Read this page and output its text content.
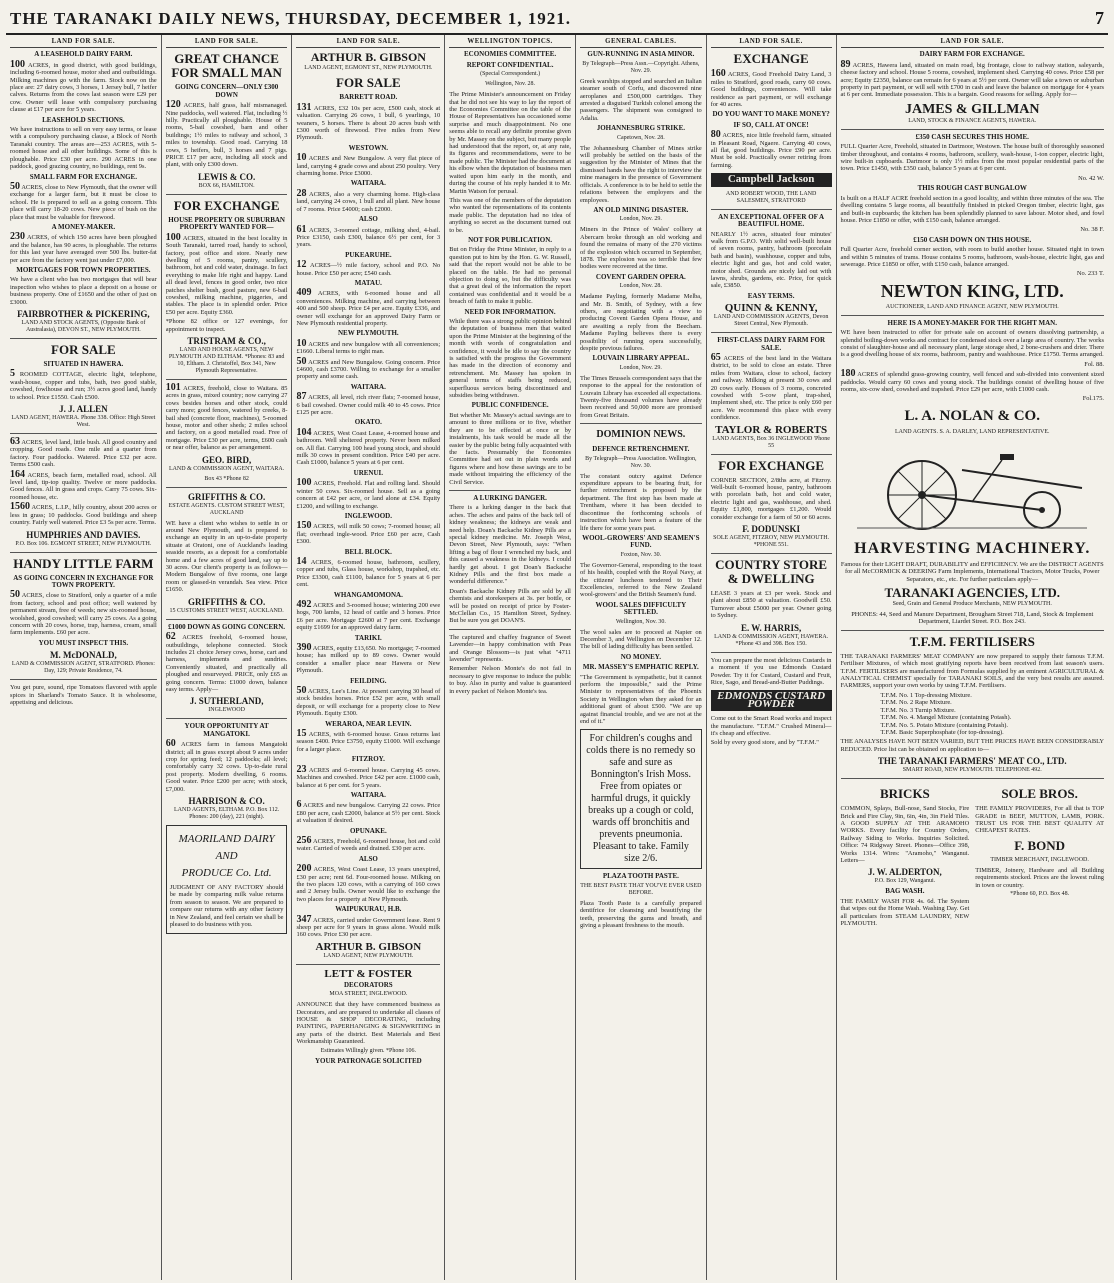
THE TARANAKI DAILY NEWS, THURSDAY, DECEMBER 1, 1921.	7
LAND FOR SALE.
A LEASEHOLD DAIRY FARM.
100 ACRES, in good district, with good buildings, including 6-roomed house, motor shed and outbuildings. Milking machines go with the farm. Stock now on the place are: 27 dairy cows, 3 horses, 1 Jersey bull, 7 heifer calves. Returns from the cows last season were £29 per cow. Owner will lease with compulsory purchasing clause at £17 per acre for 5 years.
LEASEHOLD SECTIONS.
We have instructions to sell on very easy terms, or lease with a compulsory purchasing clause, a Block of North Taranaki country. The areas are—253 ACRES, with 5-roomed house and all other buildings. Some of this is ploughable. Price £30 per acre. 290 ACRES in one paddock, good grazing country, no buildings, rent 9s.
SMALL FARM FOR EXCHANGE.
50 ACRES, close to New Plymouth, that the owner will exchange for a larger farm, but it must be close to school. He is prepared to sell as a going concern. This place will carry 18-20 cows. New piece of bush on the place that must be valuable for firewood.
A MONEY-MAKER.
230 ACRES, of which 150 acres have been ploughed and the balance, has 90 acres, is ploughable. The returns for this last year have averaged over 500 lbs. butter-fat per acre from the factory went just under £7,000.
MORTGAGES FOR TOWN PROPERTIES.
We have a client who has two mortgages that will bear inspection who wishes to place a deposit on a house or business property. One of £1650 and the other of just on £3000.
FAIRBROTHER & PICKERING,
LAND AND STOCK AGENTS, (Opposite Bank of Australasia), DEVON ST., NEW PLYMOUTH.
FOR SALE
SITUATED IN HAWERA.
5 ROOMED COTTAGE, electric light, telephone, wash-house, copper and tubs, bath, two good stable, cowshed, fowlhouse and run; 3½ acres good land, handy to school. Price £1550. Cash £500.
J. J. ALLEN
LAND AGENT, HAWERA. Phone 338. Office: High Street West.
63 ACRES, level land, little bush. All good country and cropping. Good roads. One mile and a quarter from factory. Four paddocks. Watered. Price £32 per acre. Terms £500 cash.
164 ACRES, beach farm, metalled road, school. All level land, tip-top quality. Twelve or more paddocks. Good fences. All in grass and crops. Carry 75 cows. Six-roomed house, etc.
1560 ACRES, L.I.P., hilly country, about 200 acres or less in grass; 10 paddocks. Good buildings and sheep country. Fairly well watered. Price £3 5s per acre. Terms.
HUMPHRIES AND DAVIES.
P.O. Box 106. EGMONT STREET, NEW PLYMOUTH.
HANDY LITTLE FARM
AS GOING CONCERN IN EXCHANGE FOR TOWN PROPERTY.
50 ACRES, close to Stratford, only a quarter of a mile from factory, school and post office; well watered by permanent stream, free of weeds; new six-roomed house, woolshed, good cowshed; will carry 25 cows. As a going concern with 20 cows, horse, trap, harness, cream, small farm implements. £60 per acre.
YOU MUST INSPECT THIS.
M. McDONALD,
LAND & COMMISSION AGENT, STRATFORD. Phones: Day, 129; Private Residence, 74.
You get pure, sound, ripe Tomatoes flavored with apple spices in Sharland's Tomato Sauce. It is wholesome, appetising and delicious.
LAND FOR SALE.
GREAT CHANCE FOR SMALL MAN
GOING CONCERN—ONLY £300 DOWN
120 ACRES, half grass, half mismanaged. Nine paddocks, well watered. Flat, including ½ hilly. Practically all ploughable. House of 5 rooms, 5-bail cowshed, barn and other buildings; 1½ miles to railway and school, 3 miles to township. Good road. Carrying 18 cows, 5 heifers, bull, 3 horses and 7 pigs. PRICE £17 per acre, including all stock and plant, with only £300 down.
LEWIS & CO.
BOX 66, HAMILTON.
FOR EXCHANGE
HOUSE PROPERTY OR SUBURBAN PROPERTY WANTED FOR—
100 ACRES, situated in the best locality in South Taranaki, tarred road, handy to school, factory, post office and store. Nearly new dwelling of 5 rooms, pantry, scullery, bathroom, hot and cold water, drainage. In fact everything to make life right and happy. Land all dead level, fences in good order, two nice patches shelter bush, good pasture, new 6-bail cowshed, milking machine, piggeries, and stables. The place is in splendid order. Price £50 per acre. Equity £360.
*Phone 82 office or 127 evenings, for appointment to inspect.
TRISTRAM & CO.,
LAND AND HOUSE AGENTS, NEW PLYMOUTH AND ELTHAM. *Phones: 83 and 10, Eltham. J. Christoffel, Box 341, New Plymouth Representative.
101 ACRES, freehold, close to Waitara. 85 acres in grass, mixed country; now carrying 27 cows besides horses and other stock, could carry more; good fences, watered by creeks, 8-bail shed (concrete floor, machines), 5-roomed house, motor and other sheds; 2 miles school and factory, on a good metalled road. Free of mortgage. Price £30 per acre, terms, £600 cash or near offer, balance as per arrangement.
GEO. BIRD,
LAND & COMMISSION AGENT, WAITARA.
Box 43 *Phone 82
GRIFFITHS & CO.
ESTATE AGENTS. CUSTOM STREET WEST, AUCKLAND
WE have a client who wishes to settle in or around New Plymouth, and is prepared to exchange an equity in an up-to-date property situate at Oratoni, one of Auckland's leading seaside resorts, as a deposit for a comfortable home and a few acres of good land, say up to 30 acres. Our client's property is as follows—Modern Bungalow of five rooms, one large room or glassed-in verandah. Sea view. Price £1650.
GRIFFITHS & CO.
15 CUSTOMS STREET WEST, AUCKLAND.
£1000 DOWN AS GOING CONCERN.
62 ACRES freehold, 6-roomed house, outbuildings, telephone connected. Stock includes 21 choice Jersey cows, horse, cart and harness, implements and sundries. Conveniently situated, and practically all ploughed and resurveyed. PRICE, only £65 as going concern. Terms: £1000 down, balance easy terms. Apply—
J. SUTHERLAND,
INGLEWOOD
YOUR OPPORTUNITY AT MANGATOKI.
60 ACRES farm in famous Mangatoki district; all in grass except about 9 acres under crop for spring feed; 12 paddocks; all level; comfortably carry 32 cows. Up-to-date rural post property. Modern dwelling, 6 rooms. Good water. Price £200 per acre; with stock, £7,000.
HARRISON & CO.
LAND AGENTS, ELTHAM. P.O. Box 112. Phones: 200 (day), 221 (night).
MAORILAND DAIRY
AND
PRODUCE Co. Ltd.
JUDGMENT OF ANY FACTORY should be made by comparing milk value returns from season to season. We are prepared to compare our returns with any other factory in New Zealand, and feel certain we shall be pleased to do business with you.
LAND FOR SALE.
ARTHUR B. GIBSON
LAND AGENT, EGMONT ST., NEW PLYMOUTH.
FOR SALE
BARRETT ROAD.
131 ACRES, £32 10s per acre, £500 cash, stock at valuation. Carrying 26 cows, 1 bull, 6 yearlings, 10 weaners, 5 horses. There is about 20 acres bush with £300 worth of firewood. Five miles from New Plymouth.
WESTOWN.
10 ACRES and New Bungalow. A very flat piece of land, carrying 4 grade cows and about 250 poultry. Very charming home. Price £3000.
WAITARA.
28 ACRES, also a very charming home. High-class land, carrying 24 cows, 1 bull and all plant. New house of 7 rooms. Price £4000; cash £2000.
ALSO
61 ACRES, 3-roomed cottage, milking shed, 4-bail. Price £3150, cash £300, balance 6½ per cent, for 3 years.
PUKEARUHE.
12 ACRES—½ mile factory, school and P.O. No house. Price £50 per acre; £540 cash.
MATAU.
409 ACRES, with 6-roomed house and all conveniences. Milking machine, and carrying between 400 and 500 sheep. Price £4 per acre. Equity £336, and owner will exchange for an approved Dairy Farm or New Plymouth residential property.
NEW PLYMOUTH.
10 ACRES and new bungalow with all conveniences; £1660. Liberal terms to right man.
50 ACRES and New Bungalow. Going concern. Price £4600, cash £3700. Willing to exchange for a smaller property and some cash.
WAITARA.
87 ACRES, all level, rich river flats; 7-roomed house, 6 bail cowshed. Owner could milk 40 to 45 cows. Price £125 per acre.
OKATO.
104 ACRES, West Coast Lease, 4-roomed house and bathroom. Well sheltered property. Never been milked on. All flat. Carrying 100 head young stock, and should milk 30 cows in present condition. Price £40 per acre. Cash £1000, balance 5 years at 6 per cent.
URENUI.
100 ACRES, Freehold. Flat and rolling land. Should winter 50 cows. Six-roomed house. Sell as a going concern at £42 per acre, or land alone at £34. Equity £1200, and willing to exchange.
INGLEWOOD.
150 ACRES, will milk 50 cows; 7-roomed house; all flat; overhead ingle-wood. Price £60 per acre, Cash £300.
BELL BLOCK.
14 ACRES, 6-roomed house, bathroom, scullery, copper and tubs, Glass house, workshop, trapshed, etc. Price £3300, cash £1100, balance for 5 years at 6 per cent.
WHANGAMOMONA.
492 ACRES and 3-roomed house; wintering 200 ewe hogs, 700 lambs, 12 head of cattle and 3 horses. Price £6 per acre. Mortgage £2600 at 7 per cent. Exchange equity £1699 for an approved dairy farm.
TARIKI.
390 ACRES, equity £13,650. No mortgage; 7-roomed house; has milked up to 89 cows. Owner would consider a smaller place near Hawera or New Plymouth.
FEILDING.
50 ACRES, Lee's Line. At present carrying 30 head of stock besides horses. Price £52 per acre, with small deposit, or will exchange for a property close to New Plymouth. Equity £300.
WERAROA, NEAR LEVIN.
15 ACRES, with 6-roomed house. Grass returns last season £400. Price £3750, equity £1000. Will exchange for a larger place.
FITZROY.
23 ACRES and 6-roomed house. Carrying 45 cows. Machines and cowshed. Price £42 per acre. £1000 cash, balance at 6 per cent. for 5 years.
WAITARA.
6 ACRES and new bungalow. Carrying 22 cows. Price £80 per acre, cash £2000, balance at 5½ per cent. Stock at valuation if desired.
OPUNAKE.
256 ACRES, Freehold, 6-roomed house, hot and cold water. Carried of weeds and drained. £30 per acre.
ALSO
200 ACRES, West Coast Lease, 13 years unexpired, £30 per acre; rent 6d. Four-roomed house. Milking on the two places 120 cows, with a carrying of 160 cows and 2 Jersey bulls. Owner would like to exchange the two places for a property at New Plymouth.
WAIPUKURAU, H.B.
347 ACRES, carried under Government lease. Rent 9 sheep per acre for 9 years in grass alone. Would milk 160 cows. Price £30 per acre.
ARTHUR B. GIBSON
LAND AGENT, NEW PLYMOUTH.
LETT & FOSTER
DECORATORS
MOA STREET, INGLEWOOD.
ANNOUNCE that they have commenced business as Decorators, and are prepared to undertake all classes of HOUSE & SHOP DECORATING, including PAINTING, PAPERHANGING & SIGNWRITING in any parts of the district. Best Materials and Best Workmanship Guaranteed.
Estimates Willingly given. *Phone 106.
YOUR PATRONAGE SOLICITED
WELLINGTON TOPICS.
ECONOMIES COMMITTEE.
REPORT CONFIDENTIAL.
(Special Correspondent.)
Wellington, Nov. 28.
The Prime Minister's announcement on Friday that he did not see his way to lay the report of the Economies Committee on the table of the House of Representatives has occasioned some surprise and much disappointment. No one seems able to recall any definite promise given by Mr. Massey on the subject, but many people had understood that the report, or, at any rate, its figures and recommendations, were to be made public. The Minister had the document at his elbow when the deputation of business men waited upon him early in the month, and during the course of his reply handed it to Mr. Martin Watson for perusal.
This was one of the members of the deputation who wanted the representations of its contents made public. The deputation had no idea of anything so secret as the document turned out to be.
NOT FOR PUBLICATION.
But on Friday the Prime Minister, in reply to a question put to him by the Hon. G. W. Russell, said that the report would not be able to be placed on the table. He had no personal objection to doing so, but the difficulty was that a great deal of the information the report contained was confidential and it would be a breach of faith to make it public.
NEED FOR INFORMATION.
While there was a strong public opinion behind the deputation of business men that waited upon the Prime Minister at the beginning of the month with words of congratulation and confidence, it would be idle to say the country is satisfied with the progress the Government has made in the direction of economy and retrenchment. Mr. Massey has spoken in general terms of staffs being reduced, superfluous services being discontinued and subsidies being withdrawn.
PUBLIC CONFIDENCE.
But whether Mr. Massey's actual savings are to amount to three millions or to five, whether they are to be effected at once or by instalments, his task would be made all the easier by the public being fully acquainted with the facts. Presumably the Economies Committee had set out in plain words and figures where and how these savings are to be made without impairing the efficiency of the Civil Service.
A LURKING DANGER.
There is a lurking danger in the back that aches. The aches and pains of the back tell of kidney weakness; the kidneys are weak and need help. Doan's Backache Kidney Pills are a special kidney medicine. Mr. Joseph West, Devon Street, New Plymouth, says: "When lifting a bag of flour I wrenched my back, and this caused a weakness in the kidneys. I could hardly get about. I got Doan's Backache Kidney Pills and the first box made a wonderful difference."
Doan's Backache Kidney Pills are sold by all chemists and storekeepers at 3s. per bottle, or will be posted on receipt of price by Foster-McClellan Co., 15 Hamilton Street, Sydney. But be sure you get DOAN'S.
The captured and chaffey fragrance of Sweet Lavender—in happy combination with Peas and Orange Blossom—is just what "4711 lavender" represents.
Remember Nelson Monte's do not fail in necessary to give response to induce the public to buy. Also in purity and value is guaranteed in every packet of Nelson Monte's tea.
GENERAL CABLES.
GUN-RUNNING IN ASIA MINOR.
By Telegraph—Press Assn.—Copyright. Athens, Nov. 29.
Greek warships stopped and searched an Italian steamer south of Corfu, and discovered nine aeroplanes and £500,000 cartridges. They arrested a disguised Turkish colonel among the passengers. The shipment was consigned to Adalia.
JOHANNESBURG STRIKE.
Capetown, Nov. 28.
The Johannesburg Chamber of Mines strike will probably be settled on the basis of the suggestion by the Minister of Mines that the dismissed hands have the right to interview the mine managers in the presence of Government officials. A conference is to be held to settle the relations between the employers and the employees.
AN OLD MINING DISASTER.
London, Nov. 29.
Miners in the Prince of Wales' colliery at Abercarn broke through an old working and found the remains of many of the 270 victims of the explosion which occurred in September, 1878. The explosion was so terrible that few bodies were recovered at the time.
COVENT GARDEN OPERA.
London, Nov. 28.
Madame Payling, formerly Madame Melba, and Mr. B. Smith, of Sydney, with a few others, are negotiating with a view to producing Covent Garden Opera House, and are awaiting a reply from the Beecham. Madame Payling believes there is every possibility of running opera successfully, despite previous failures.
LOUVAIN LIBRARY APPEAL.
London, Nov. 29.
The Times Brussels correspondent says that the response to the appeal for the restoration of Louvain Library has exceeded all expectations. Twenty-five thousand volumes have already been received and 50,000 more are promised from Great Britain.
DOMINION NEWS.
DEFENCE RETRENCHMENT.
By Telegraph—Press Association. Wellington, Nov. 30.
The constant outcry against Defence expenditure appears to be bearing fruit, for further retrenchment is proposed by the department. The first step has been made at Trentham, where it has been decided to discontinue the forthcoming schools of instruction which have been a feature of the life there for some years past.
WOOL-GROWERS' AND SEAMEN'S FUND.
Foxton, Nov. 30.
The Governor-General, responding to the toast of his health, coupled with the Royal Navy, at the citizens' luncheon tendered to Their Excellencies, referred to the New Zealand wool-growers' and the British Seamen's fund.
WOOL SALES DIFFICULTY SETTLED.
Wellington, Nov. 30.
The wool sales are to proceed at Napier on December 3, and Wellington on December 12. The bill of lading difficulty has been settled.
NO MONEY.
MR. MASSEY'S EMPHATIC REPLY.
"The Government is sympathetic, but it cannot perform the impossible," said the Prime Minister to representatives of the Phoenix Society in Wellington when they asked for an additional grant of about £500. "We are up against financial trouble, and we are not at the end of it."
For children's coughs and colds there is no remedy so safe and sure as Bonnington's Irish Moss. Free from opiates or harmful drugs, it quickly breaks up a cough or cold, wards off bronchitis and prevents pneumonia. Pleasant to take. Family size 2/6.
PLAZA TOOTH PASTE.
THE BEST PASTE THAT YOU'VE EVER USED BEFORE.
Plaza Tooth Paste is a carefully prepared dentifrice for cleansing and beautifying the teeth, preserving the gums and breath, and giving a pleasant freshness to the mouth.
LAND FOR SALE.
EXCHANGE
160 ACRES, Good Freehold Dairy Land, 3 miles to Stratford, good roads, carry 60 cows. Good buildings, conveniences. Will take residence as part payment, or will exchange for 40 acres.
DO YOU WANT TO MAKE MONEY?
IF SO, CALL AT ONCE!
80 ACRES, nice little freehold farm, situated in Pleasant Road, Ngaere. Carrying 40 cows, all flat, good buildings. Price £90 per acre. Must be sold. Practically owner retiring from farming.
Campbell Jackson
AND ROBERT WOOD, THE LAND SALESMEN, STRATFORD
AN EXCEPTIONAL OFFER OF A BEAUTIFUL HOME.
NEARLY 1½ acres, situated four minutes' walk from G.P.O. With solid well-built house of seven rooms, pantry, bathroom (porcelain bath and basin), washhouse, copper and tubs, electric light and gas, hot and cold water, motor shed. Grounds are nicely laid out with lawns, shrubs, gardens, etc. Price, for quick sale, £3850.
EASY TERMS.
QUINN & KENNY,
LAND AND COMMISSION AGENTS, Devon Street Central, New Plymouth.
FIRST-CLASS DAIRY FARM FOR SALE.
65 ACRES of the best land in the Waitara district, to be sold to close an estate. Three miles from Waitara, close to school, factory and railway. Milking at present 30 cows and 20 cows early. Houses of 3 rooms, concreted cowshed with 5-cow plant, trap-shed, implement shed, etc. The price is only £60 per acre. We recommend this place with every confidence.
TAYLOR & ROBERTS
LAND AGENTS, Box 36 INGLEWOOD 'Phone 55
FOR EXCHANGE
CORNER SECTION, 2/8ths acre, at Fitzroy. Well-built 6-roomed house, pantry, bathroom with porcelain bath, hot and cold water, electric light and gas, washhouse, and shed. Equity £1,800, mortgages £1,200. Would consider exchange for a farm of 50 or 60 acres.
F. DODUNSKI
SOLE AGENT, FITZROY, NEW PLYMOUTH. *PHONE 551.
COUNTRY STORE & DWELLING
LEASE 3 years at £3 per week. Stock and plant about £850 at valuation. Goodwill £50. Turnover about £5000 per year. Owner going to Sydney.
E. W. HARRIS,
LAND & COMMISSION AGENT, HAWERA. *Phone 43 and 398. Box 150.
You can prepare the most delicious Custards in a moment if you use Edmonds Custard Powder. Try it for Custard, Custard and Fruit, Rice, Sago, and Bread-and-Butter Puddings.
EDMONDS CUSTARD POWDER
Come out to the Smart Road works and inspect the manufacture. "T.F.M." Crushed Mineral—it's cheap and effective.
Sold by every good store, and by "T.F.M."
LAND FOR SALE.
DAIRY FARM FOR EXCHANGE.
89 ACRES, Hawera land, situated on main road, big frontage, close to railway station, saleyards, cheese factory and school. House 5 rooms, cowshed, implement shed. Carrying 40 cows. Price £58 per acre; Equity £2350, balance can remain for 6 years at 5½ per cent. Owner will take a town or suburban property in part payment, or will sell with £700 in cash and leave the balance on mortgage for 4 years at 6 per cent. Immediate possession. This is a bargain. Good reasons for selling. Apply for—
JAMES & GILLMAN
LAND, STOCK & FINANCE AGENTS, HAWERA.
£350 CASH SECURES THIS HOME.
FULL Quarter Acre, Freehold, situated in Dartmoor, Westown. The house built of thoroughly seasoned timber throughout, and contains 4 rooms, bathroom, scullery, wash-house, 1-ton copper, electric light, wire built-in cupboards. Dartmoor is only 1½ miles from the most popular residential parts of the town. Price £1450, with £350 cash, balance 5 years at 6 per cent.
No. 42 W.
THIS ROUGH CAST BUNGALOW
Is built on a HALF ACRE freehold section in a good locality, and within three minutes of the sea. The dwelling contains 5 large rooms, all beautifully finished in picked Oregon timber, electric light, gas and built-in cupboards; the kitchen has been splendidly planned to save labour. Motor shed, and fowl house. Price £1850 or offer, with £150 cash, balance arranged.
No. 38 F.
£150 CASH DOWN ON THIS HOUSE.
Full Quarter Acre, freehold corner section, with room to build another house. Situated right in town and within 5 minutes of trams. House contains 5 rooms, bathroom, wash-house, electric light, gas and sewerage. Price £1850 or offer, with £150 cash, balance arranged.
No. 233 T.
NEWTON KING, LTD.
AUCTIONEER, LAND AND FINANCE AGENT, NEW PLYMOUTH.
HERE IS A MONEY-MAKER FOR THE RIGHT MAN.
WE have been instructed to offer for private sale on account of owners dissolving partnership, a splendid boiling-down works and contract for condensed stock over a large area of country. The works consist of slaughter-house and all necessary plant, large storage shed, 2 bone-crushers and drier. There is a good dwelling house of six rooms, bathroom, pantry and washhouse. Price £1750. Terms arranged.
Fol. 88.
180 ACRES of splendid grass-growing country, well fenced and sub-divided into convenient sized paddocks. Would carry 60 cows and young stock. The buildings consist of dwelling house of five rooms, six-cow shed, cowshed and trapshed. Price £29 per acre, with £1000 cash.
Fol.175.
L. A. NOLAN & CO.
LAND AGENTS. S. A. DARLEY, LAND REPRESENTATIVE.
HARVESTING MACHINERY.
Famous for their LIGHT DRAFT, DURABILITY and EFFICIENCY. We are the DISTRICT AGENTS for all McCORMICK & DEERING Farm Implements, International Tractors, Motor Trucks, Power Separators, etc., etc. For further particulars apply—
TARANAKI AGENCIES, LTD.
Seed, Grain and General Produce Merchants, NEW PLYMOUTH.
PHONES: 44, Seed and Manure Department, Brougham Street 718, Land, Stock & Implement Department, Liardet Street. P.O. Box 243.
T.F.M. FERTILISERS
THE TARANAKI FARMERS' MEAT COMPANY are now prepared to supply their famous T.F.M. Fertiliser Mixtures, of which most gratifying reports have been received from last season's users. T.F.M. FERTILISERS are manufactured from Formulas supplied by an eminent AGRICULTURAL & ANALYTICAL CHEMIST specially for TARANAKI SOILS, and the very best results are assured. FARMERS, support your own works by using T.F.M. Fertilisers.
T.F.M. No. 1 Top-dressing Mixture.
T.F.M. No. 2 Rape Mixture.
T.F.M. No. 3 Turnip Mixture.
T.F.M. No. 4. Mangel Mixture (containing Potash).
T.F.M. No. 5. Potato Mixture (containing Potash).
T.F.M. Basic Superphosphate (for top-dressing).
THE ANALYSES HAVE NOT BEEN VARIED, BUT THE PRICES HAVE BEEN CONSIDERABLY REDUCED. Price list can be obtained on application to—
THE TARANAKI FARMERS' MEAT CO., LTD.
SMART ROAD, NEW PLYMOUTH. TELEPHONE 492.
BRICKS
COMMON, Splays, Bull-nose, Sand Stocks, Fire Brick and Fire Clay, 9in, 6in, 4in, 3in Field Tiles. A GOOD SUPPLY AT THE ARAMOHO WORKS. Every facility for Country Orders, Railway Siding to Works. Inquiries Solicited. Office: 74 Ridgway Street. Phones—Office 398, Works 1314. Wires: "Aramoho," Wanganui. Letters—
J. W. ALDERTON,
P.O. Box 129, Wanganui.
BAG WASH.
THE FAMILY WASH FOR 4s. 6d. The System that wipes out the Home Wash. Washing Day. Get all particulars from STEAM LAUNDRY, NEW PLYMOUTH.
SOLE BROS.
THE FAMILY PROVIDERS, For all that is TOP GRADE in BEEF, MUTTON, LAMB, PORK. TRUST US FOR THE BEST QUALITY AT CHEAPEST RATES.
F. BOND
TIMBER MERCHANT, INGLEWOOD.
TIMBER, Joinery, Hardware and all Building requirements stocked. Prices are the lowest ruling in town or country.
*Phone 60, P.O. Box 48.
